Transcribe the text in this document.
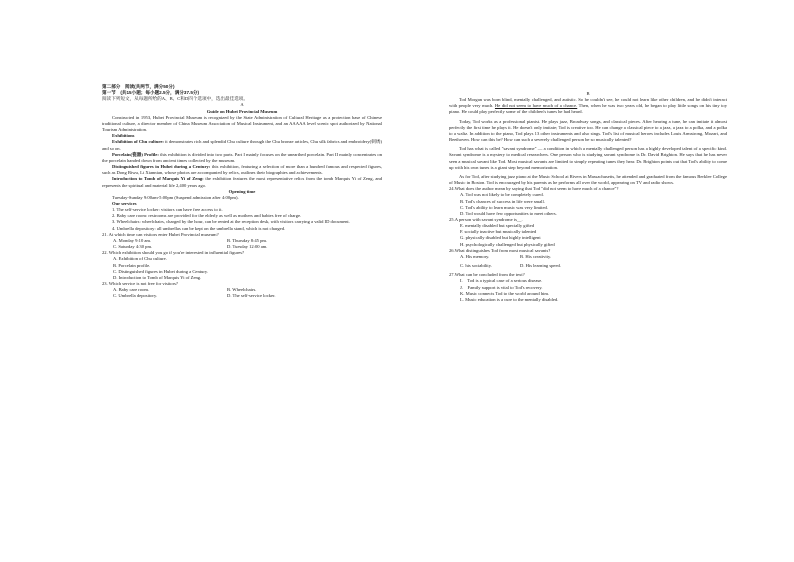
第二部分　阅读(共两节，满分50分)

第一节　(共15小题；每小题2.5分，满分37.5分)

阅读下列短文，从每题所给的A、B、C和D四个选项中，选出最佳选项。

A

Guide on Hubei Provincial Museum

Constructed in 1953, Hubei Provincial Museum is recognized by the State Administration of Cultural Heritage as a protection base of Chinese traditional culture, a director member of China Museum Association of Musical Instrument, and an AAAAA level scenic spot authorized by National Tourism Administration.

Exhibitions

Exhibition of Chu culture: it demonstrates rich and splendid Chu culture through the Chu bronze articles, Chu silk fabrics and embroidery(刺绣) and so on.

Porcelain(瓷器) Profile: this exhibition is divided into two parts. Part I mainly focuses on the unearthed porcelain. Part II mainly concentrates on the porcelain handed down from ancient times collected by the museum.

Distinguished figures in Hubei during a Century: this exhibition, featuring a selection of more than a hundred famous and respected figures, such as Dong Biwu, Li Xiannian, whose photos are accompanied by relics, outlines their biographies and achievements.

Introduction to Tomb of Marquis Yi of Zeng: the exhibition features the most representative relics from the tomb Marquis Yi of Zeng, and represents the spiritual and material life 2,400 years ago.

Opening time

Tuesday-Sunday 9:00am-5:00pm (Suspend admission after 4:00pm).

Our services

1. The self-service locker: visitors can have free access to it.

2. Baby care room: restrooms are provided for the elderly as well as mothers and babies free of charge.

3. Wheelchairs: wheelchairs, charged by the hour, can be rented at the reception desk, with visitors carrying a valid ID document.

4. Umbrella depository: all umbrellas can be kept on the umbrella stand, which is not charged.

21. At which time can visitors enter Hubei Provincial museum?

A. Monday 9:10 am.	B. Thursday 8:45 pm.
C. Saturday 4:30 pm.	D. Tuesday 12:00 am.

22. Which exhibition should you go if you're interested in influential figures?

A. Exhibition of Chu culture.

B. Porcelain profile.

C. Distinguished figures in Hubei during a Century.

D. Introduction to Tomb of Marquis Yi of Zeng.

23. Which service is not free for visitors?

A. Baby care room.	B. Wheelchairs.
C. Umbrella depository.	D. The self-service locker.

B

Tod Morgan was born blind, mentally challenged, and autistic. So he couldn't see, he could not learn like other children, and he didn't interact with people very much. He did not seem to have much of a chance. Then, when he was two years old, he began to play little songs on his tiny toy piano. He could play perfectly some of the children's tunes he had heard.

Today, Tod works as a professional pianist. He plays jazz, Broadway songs, and classical pieces. After hearing a tune, he can imitate it almost perfectly the first time he plays it. He doesn't only imitate; Tod is creative too. He can change a classical piece to a jazz, a jazz to a polka, and a polka to a waltz. In addition to the piano, Tod plays 13 other instruments and also sings. Tod's list of musical heroes includes Louis Armstrong, Mozart, and Beethoven. How can this be? How can such a severely challenged person be so musically talented?

Tod has what is called "savant syndrome" — a condition in which a mentally challenged person has a highly developed talent of a specific kind. Savant syndrome is a mystery to medical researchers. One person who is studying savant syndrome is Dr. David Brighton. He says that he has never seen a musical savant like Tod. Most musical savants are limited to simply repeating tunes they hear. Dr. Brighton points out that Tod's ability to come up with his own tunes is a giant step beyond memorization.

As for Tod, after studying jazz piano at the Music School at Rivers in Massachusetts, he attended and graduated from the famous Berklee College of Music in Boston. Tod is encouraged by his parents as he performs all over the world, appearing on TV and radio shows.

24.What does the author mean by saying that Tod "did not seem to have much of a chance"?

A. Tod was not likely to be completely cured.

B. Tod's chances of success in life were small.

C. Tod's ability to learn music was very limited.

D. Tod would have few opportunities to meet others.

25.A person with savant syndrome is__.

E. mentally disabled but specially gifted

F. socially inactive but musically talented

G. physically disabled but highly intelligent

H. psychologically challenged but physically gifted

26.What distinguishes Tod from most musical savants?

A. His memory.	B. His creativity.
C. his sociability.	D. His learning speed.

27.What can be concluded from the text?

I.　Tod is a typical case of a serious disease.

J.　Family support is vital to Tod's recovery.

K. Music connects Tod to the world around him.

L. Music education is a cure to the mentally disabled.
